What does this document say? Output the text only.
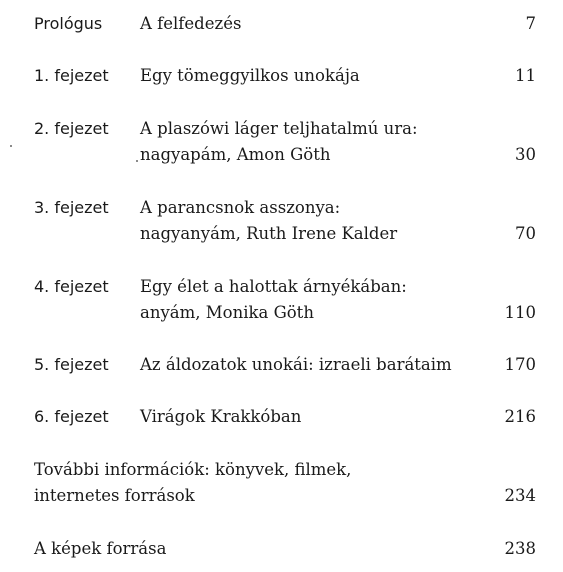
Prológus A felfedezés	7
1. fejezet Egy tömeggyilkos unokája	11
2. fejezet A plaszówi láger teljhatalmú ura:
nagyapám, Amon Göth	30
3. fejezet A parancsnok asszonya:
nagyanyám, Ruth Irene Kalder	70
4. fejezet Egy élet a halottak árnyékában:
anyám, Monika Göth	110
5. fejezet Az áldozatok unokái: izraeli barátaim	170
6. fejezet Virágok Krakkóban	216
További információk: könyvek, filmek,
internetes források	234
A képek forrása	238
